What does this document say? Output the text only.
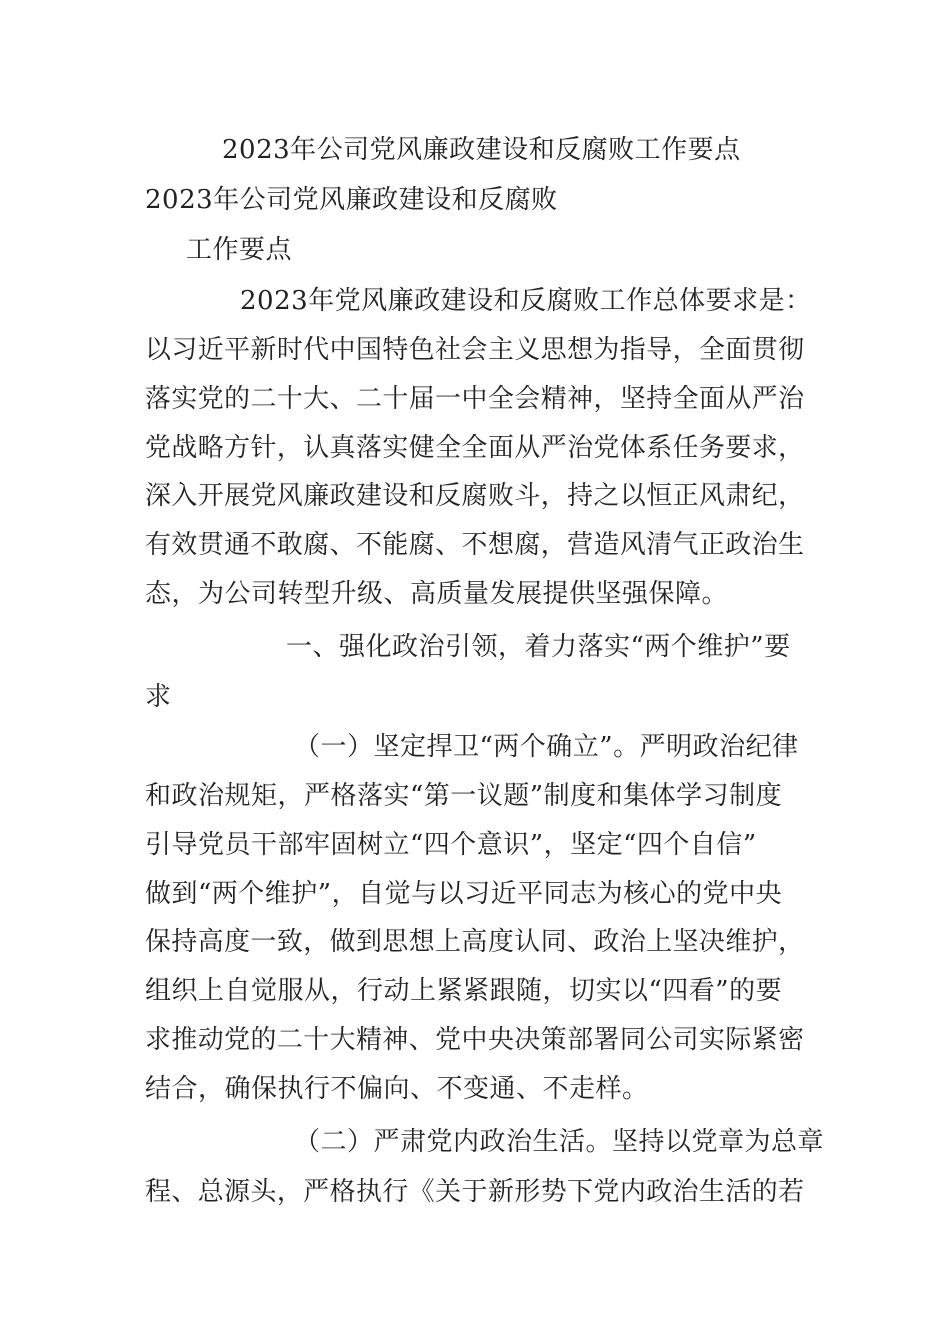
2023年公司党风廉政建设和反腐败工作要点
2023年公司党风廉政建设和反腐败
工作要点
2023年党风廉政建设和反腐败工作总体要求是：
以习近平新时代中国特色社会主义思想为指导，全面贯彻
落实党的二十大、二十届一中全会精神，坚持全面从严治
党战略方针，认真落实健全全面从严治党体系任务要求，
深入开展党风廉政建设和反腐败斗，持之以恒正风肃纪，
有效贯通不敢腐、不能腐、不想腐，营造风清气正政治生
态，为公司转型升级、高质量发展提供坚强保障。
一、强化政治引领，着力落实“两个维护”要
求
（一）坚定捍卫“两个确立”。严明政治纪律
和政治规矩，严格落实“第一议题”制度和集体学习制度
引导党员干部牢固树立“四个意识”，坚定“四个自信”
做到“两个维护”，自觉与以习近平同志为核心的党中央
保持高度一致，做到思想上高度认同、政治上坚决维护，
组织上自觉服从，行动上紧紧跟随，切实以“四看”的要
求推动党的二十大精神、党中央决策部署同公司实际紧密
结合，确保执行不偏向、不变通、不走样。
（二）严肃党内政治生活。坚持以党章为总章
程、总源头，严格执行《关于新形势下党内政治生活的若
